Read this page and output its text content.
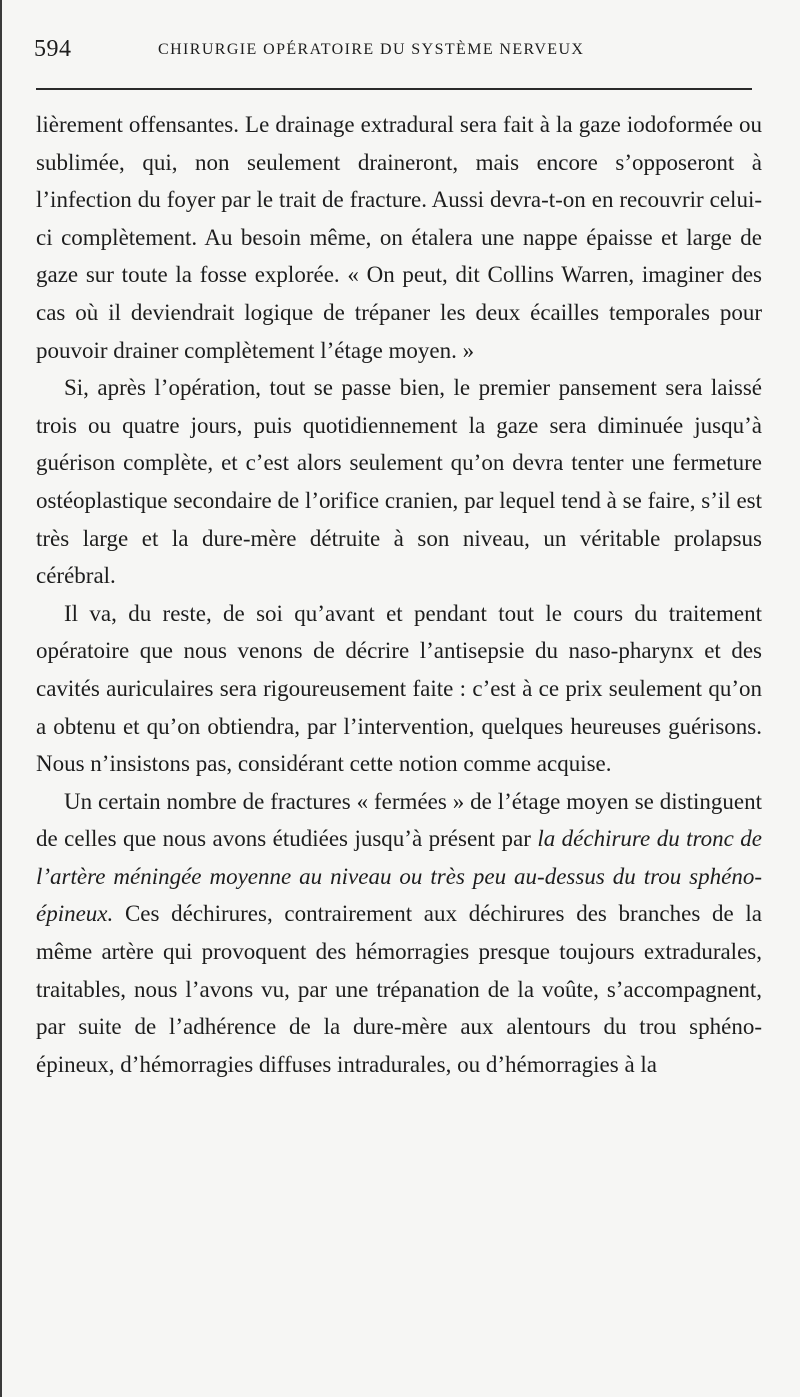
594	CHIRURGIE OPÉRATOIRE DU SYSTÈME NERVEUX

lièrement offensantes. Le drainage extradural sera fait à la gaze iodoformée ou sublimée, qui, non seulement draineront, mais encore s’opposeront à l’infection du foyer par le trait de fracture. Aussi devra-t-on en recouvrir celui-ci complètement. Au besoin même, on étalera une nappe épaisse et large de gaze sur toute la fosse explorée. « On peut, dit Collins Warren, imaginer des cas où il deviendrait logique de trépaner les deux écailles temporales pour pouvoir drainer complètement l’étage moyen. »

Si, après l’opération, tout se passe bien, le premier pansement sera laissé trois ou quatre jours, puis quotidiennement la gaze sera diminuée jusqu’à guérison complète, et c’est alors seulement qu’on devra tenter une fermeture ostéoplastique secondaire de l’orifice cranien, par lequel tend à se faire, s’il est très large et la dure-mère détruite à son niveau, un véritable prolapsus cérébral.

Il va, du reste, de soi qu’avant et pendant tout le cours du traitement opératoire que nous venons de décrire l’antisepsie du naso-pharynx et des cavités auriculaires sera rigoureusement faite : c’est à ce prix seulement qu’on a obtenu et qu’on obtiendra, par l’intervention, quelques heureuses guérisons. Nous n’insistons pas, considérant cette notion comme acquise.

Un certain nombre de fractures « fermées » de l’étage moyen se distinguent de celles que nous avons étudiées jusqu’à présent par la déchirure du tronc de l’artère méningée moyenne au niveau ou très peu au-dessus du trou sphéno-épineux. Ces déchirures, contrairement aux déchirures des branches de la même artère qui provoquent des hémorragies presque toujours extradurales, traitables, nous l’avons vu, par une trépanation de la voûte, s’accompagnent, par suite de l’adhérence de la dure-mère aux alentours du trou sphéno-épineux, d’hémorragies diffuses intradurales, ou d’hémorragies à la
